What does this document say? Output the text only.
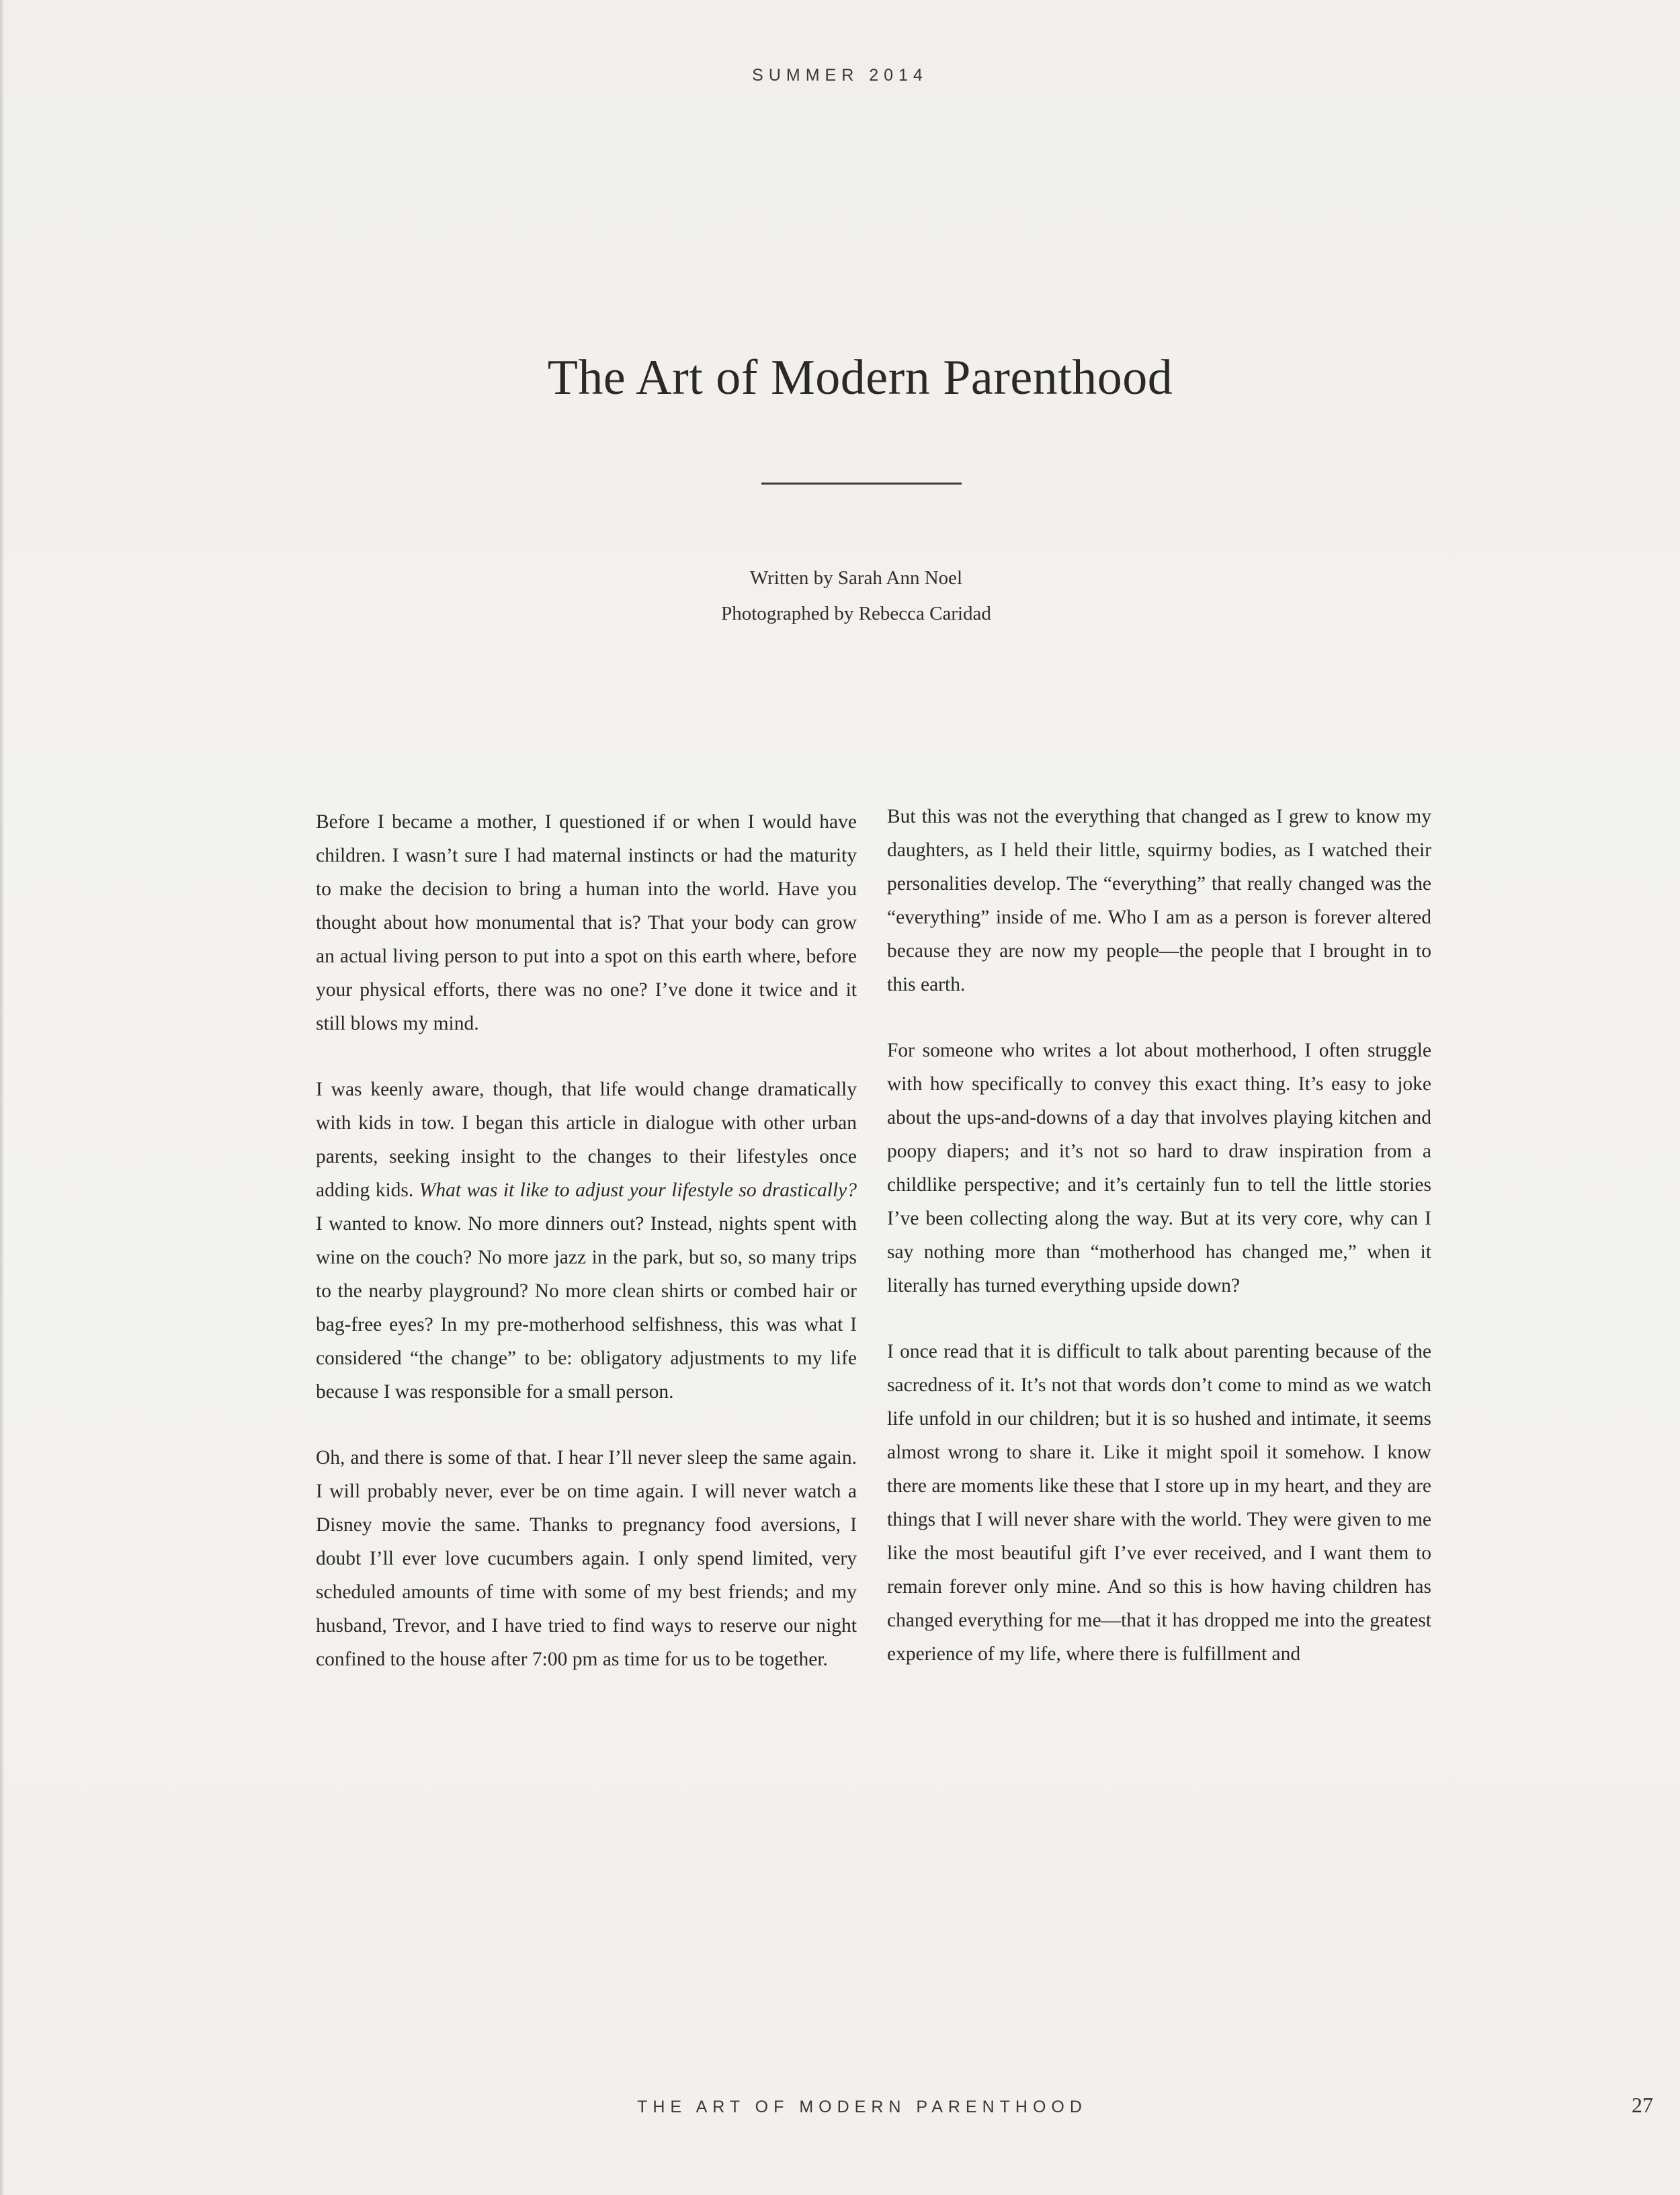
SUMMER 2014
The Art of Modern Parenthood
Written by Sarah Ann Noel
Photographed by Rebecca Caridad

Before I became a mother, I questioned if or when I would have children. I wasn’t sure I had maternal instincts or had the maturity to make the decision to bring a human into the world. Have you thought about how monumental that is? That your body can grow an actual living person to put into a spot on this earth where, before your physical efforts, there was no one? I’ve done it twice and it still blows my mind.

I was keenly aware, though, that life would change dramatically with kids in tow. I began this article in dialogue with other urban parents, seeking insight to the changes to their lifestyles once adding kids. What was it like to adjust your lifestyle so drastically? I wanted to know. No more dinners out? Instead, nights spent with wine on the couch? No more jazz in the park, but so, so many trips to the nearby playground? No more clean shirts or combed hair or bag-free eyes? In my pre-motherhood selfishness, this was what I considered “the change” to be: obligatory adjustments to my life because I was responsible for a small person.

Oh, and there is some of that. I hear I’ll never sleep the same again. I will probably never, ever be on time again. I will never watch a Disney movie the same. Thanks to pregnancy food aversions, I doubt I’ll ever love cucumbers again. I only spend limited, very scheduled amounts of time with some of my best friends; and my husband, Trevor, and I have tried to find ways to reserve our night confined to the house after 7:00 pm as time for us to be together.

But this was not the everything that changed as I grew to know my daughters, as I held their little, squirmy bodies, as I watched their personalities develop. The “everything” that really changed was the “everything” inside of me. Who I am as a person is forever altered because they are now my people—the people that I brought in to this earth.

For someone who writes a lot about motherhood, I often struggle with how specifically to convey this exact thing. It’s easy to joke about the ups-and-downs of a day that involves playing kitchen and poopy diapers; and it’s not so hard to draw inspiration from a childlike perspective; and it’s certainly fun to tell the little stories I’ve been collecting along the way. But at its very core, why can I say nothing more than “motherhood has changed me,” when it literally has turned everything upside down?

I once read that it is difficult to talk about parenting because of the sacredness of it. It’s not that words don’t come to mind as we watch life unfold in our children; but it is so hushed and intimate, it seems almost wrong to share it. Like it might spoil it somehow. I know there are moments like these that I store up in my heart, and they are things that I will never share with the world. They were given to me like the most beautiful gift I’ve ever received, and I want them to remain forever only mine. And so this is how having children has changed everything for me—that it has dropped me into the greatest experience of my life, where there is fulfillment and

THE ART OF MODERN PARENTHOOD	27
